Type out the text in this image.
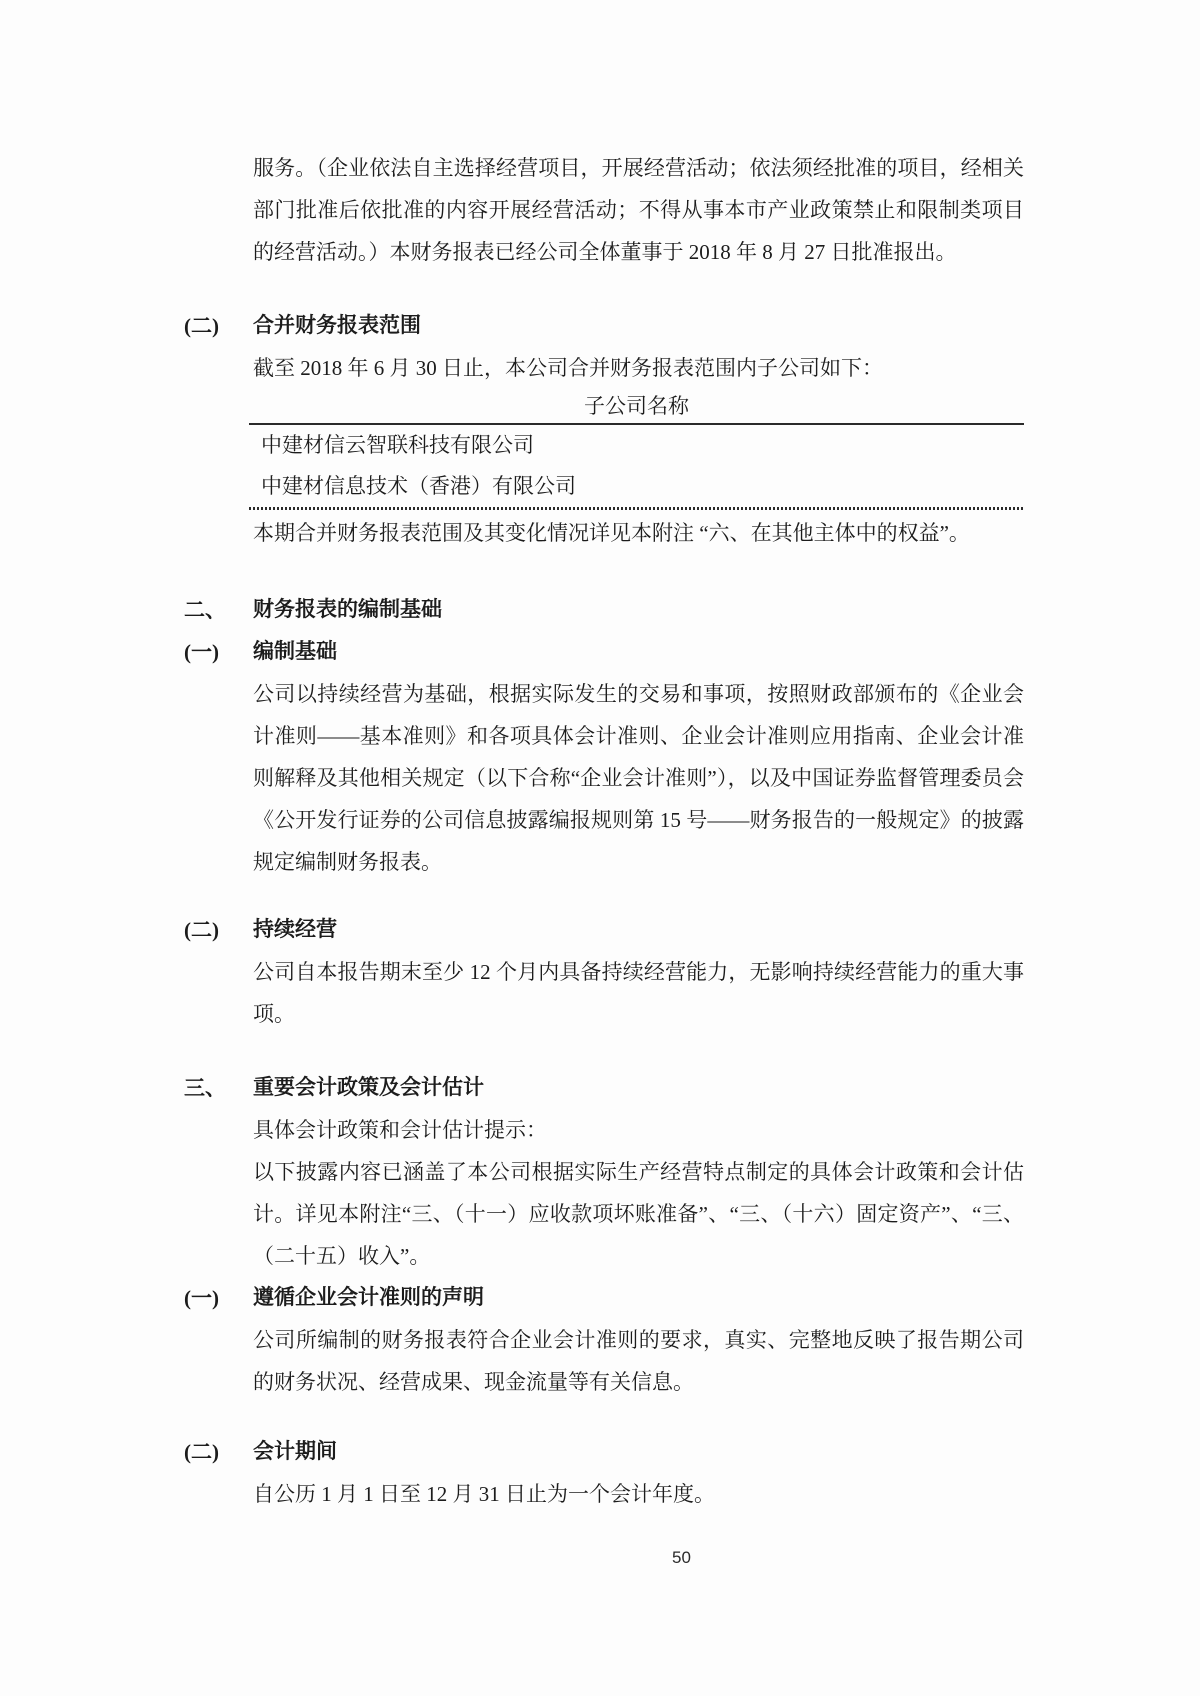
服务。（企业依法自主选择经营项目，开展经营活动；依法须经批准的项目，经相关部门批准后依批准的内容开展经营活动；不得从事本市产业政策禁止和限制类项目的经营活动。）本财务报表已经公司全体董事于 2018 年 8 月 27 日批准报出。

(二)	合并财务报表范围

截至 2018 年 6 月 30 日止，本公司合并财务报表范围内子公司如下：

子公司名称
中建材信云智联科技有限公司
中建材信息技术（香港）有限公司

本期合并财务报表范围及其变化情况详见本附注 “六、在其他主体中的权益”。

二、	财务报表的编制基础
(一)	编制基础

公司以持续经营为基础，根据实际发生的交易和事项，按照财政部颁布的《企业会计准则——基本准则》和各项具体会计准则、企业会计准则应用指南、企业会计准则解释及其他相关规定（以下合称“企业会计准则”），以及中国证券监督管理委员会《公开发行证券的公司信息披露编报规则第 15 号——财务报告的一般规定》的披露规定编制财务报表。

(二)	持续经营

公司自本报告期末至少 12 个月内具备持续经营能力，无影响持续经营能力的重大事项。

三、	重要会计政策及会计估计

具体会计政策和会计估计提示：

以下披露内容已涵盖了本公司根据实际生产经营特点制定的具体会计政策和会计估计。详见本附注“三、（十一）应收款项坏账准备”、“三、（十六）固定资产”、“三、（二十五）收入”。

(一)	遵循企业会计准则的声明

公司所编制的财务报表符合企业会计准则的要求，真实、完整地反映了报告期公司的财务状况、经营成果、现金流量等有关信息。

(二)	会计期间

自公历 1 月 1 日至 12 月 31 日止为一个会计年度。

50
